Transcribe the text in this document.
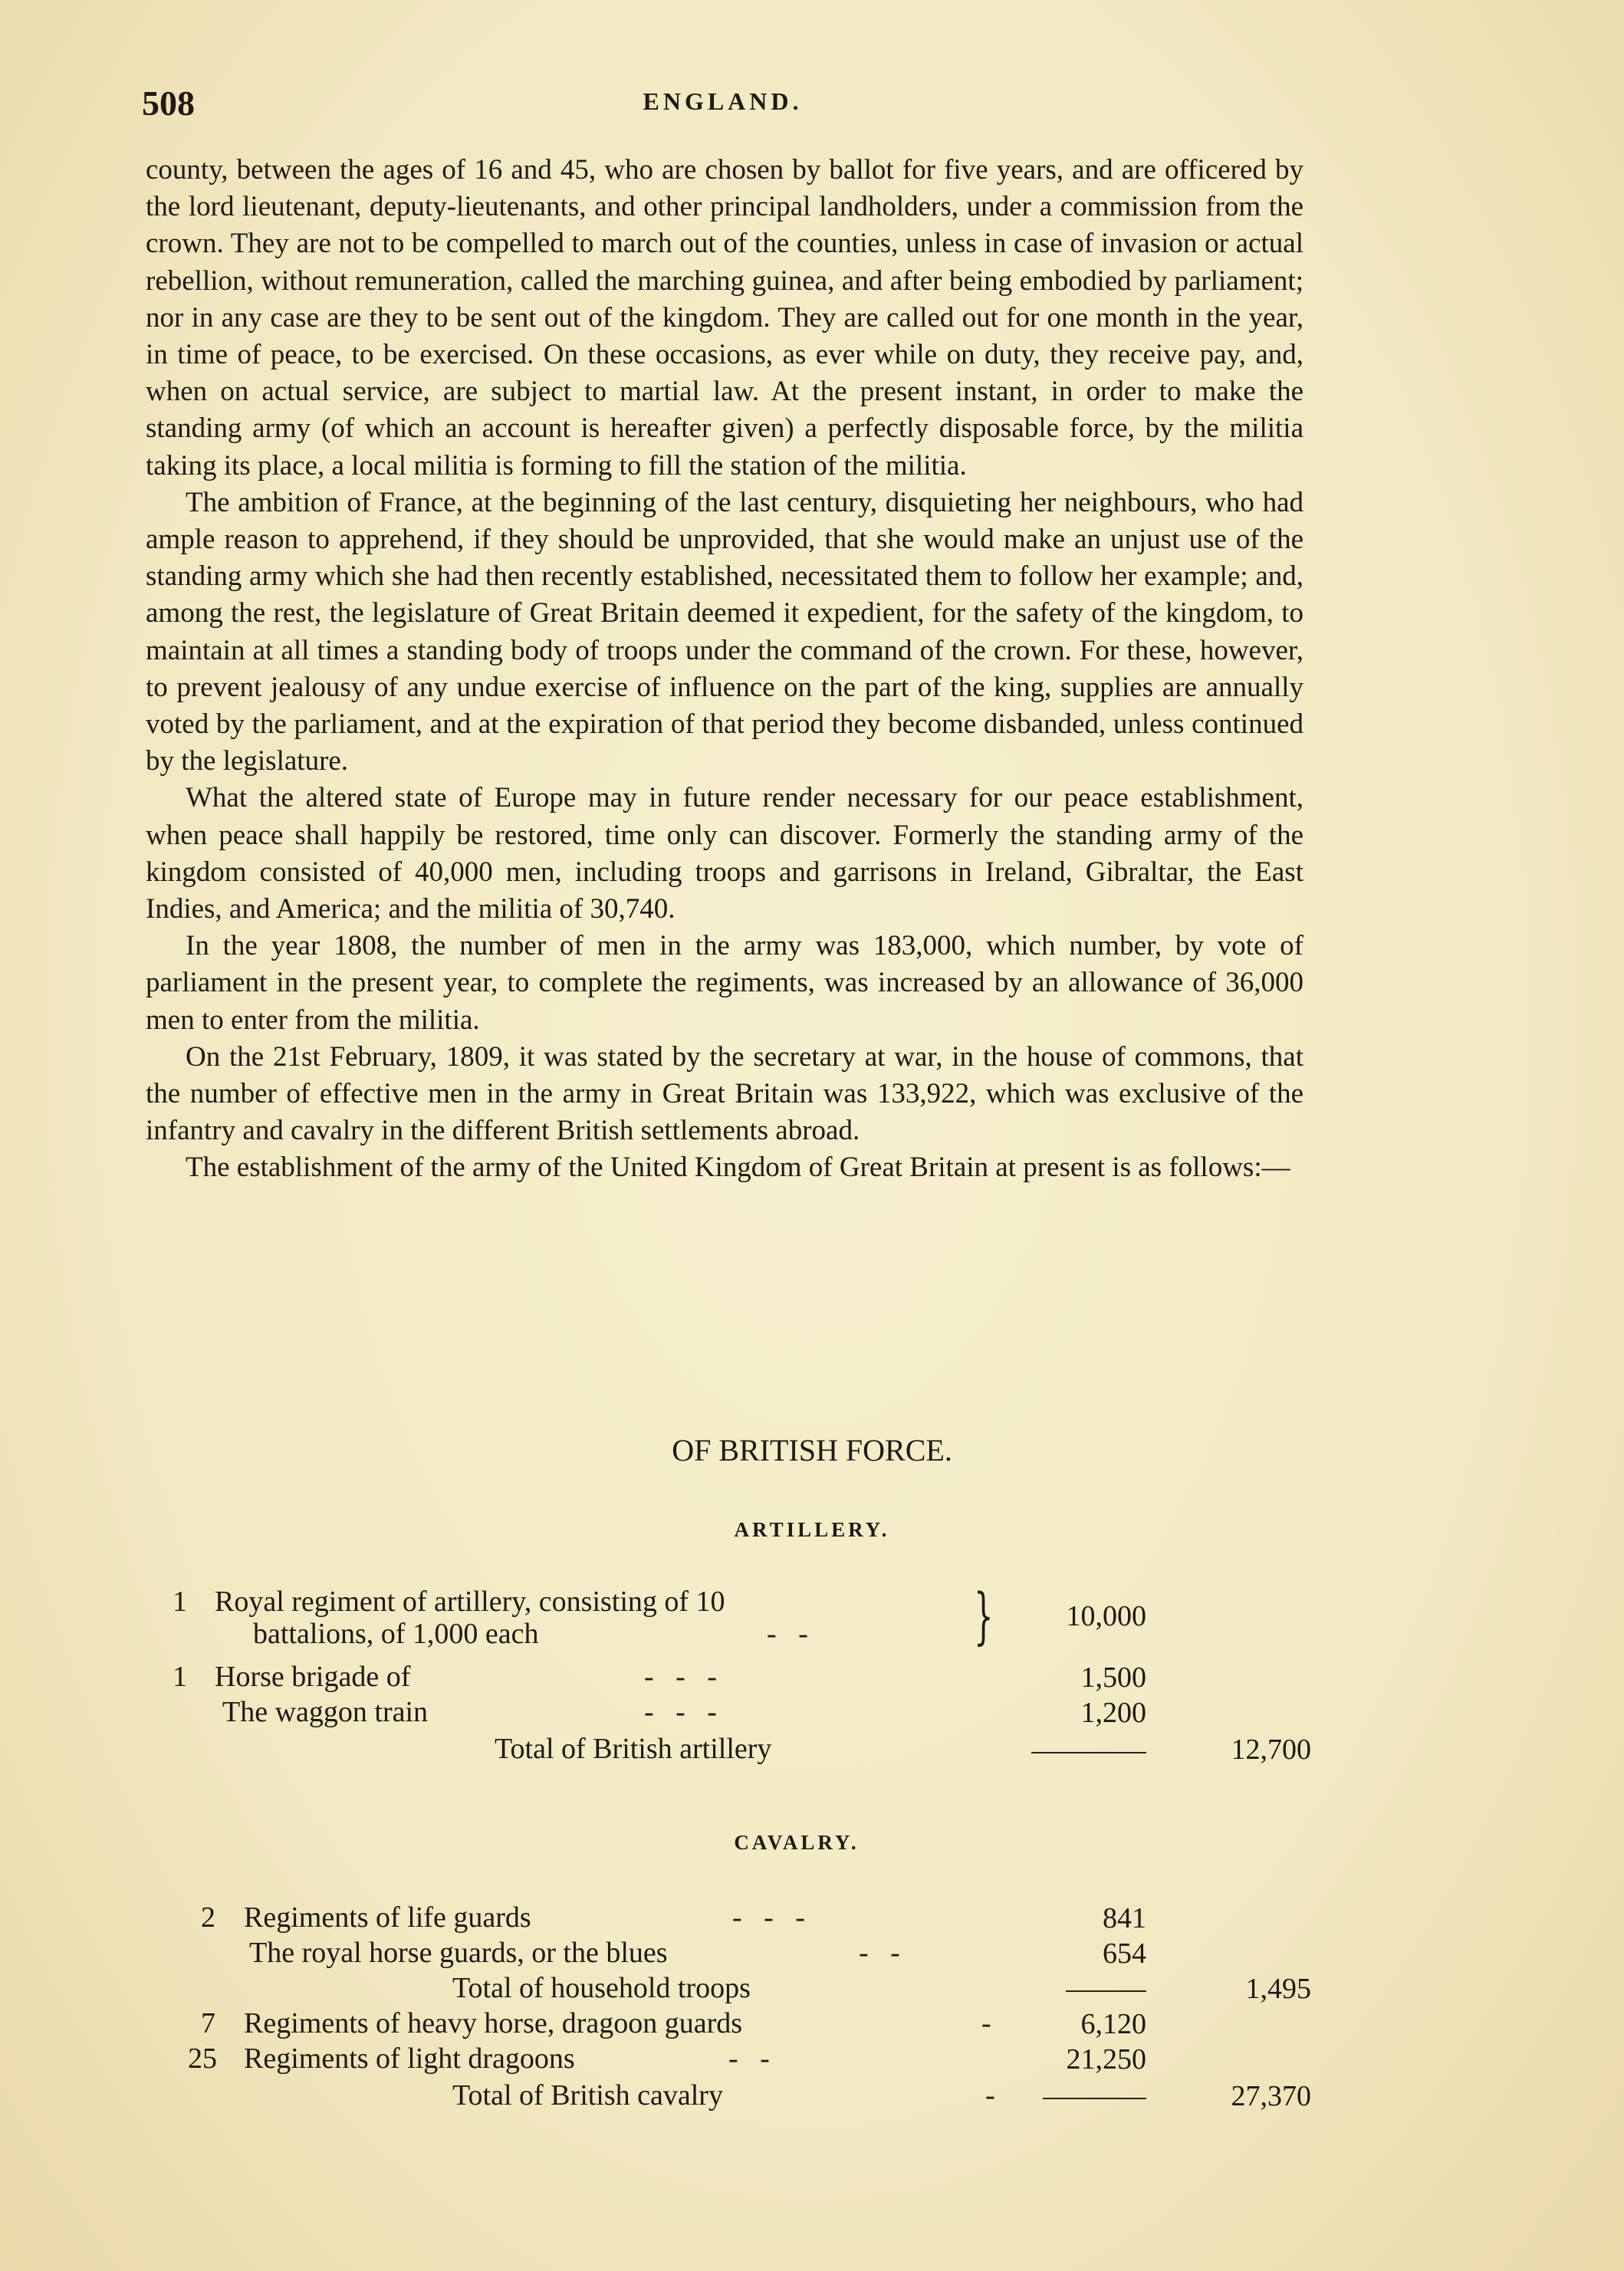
508	ENGLAND.

county, between the ages of 16 and 45, who are chosen by ballot for five years, and are officered by the lord lieutenant, deputy-lieutenants, and other principal landholders, under a commission from the crown. They are not to be compelled to march out of the counties, unless in case of invasion or actual rebellion, without remuneration, called the marching guinea, and after being embodied by parliament; nor in any case are they to be sent out of the kingdom. They are called out for one month in the year, in time of peace, to be exercised. On these occasions, as ever while on duty, they receive pay, and, when on actual service, are subject to martial law. At the present instant, in order to make the standing army (of which an account is hereafter given) a perfectly disposable force, by the militia taking its place, a local militia is forming to fill the station of the militia.

The ambition of France, at the beginning of the last century, disquieting her neighbours, who had ample reason to apprehend, if they should be unprovided, that she would make an unjust use of the standing army which she had then recently established, necessitated them to follow her example; and, among the rest, the legislature of Great Britain deemed it expedient, for the safety of the kingdom, to maintain at all times a standing body of troops under the command of the crown. For these, however, to prevent jealousy of any undue exercise of influence on the part of the king, supplies are annually voted by the parliament, and at the expiration of that period they become disbanded, unless continued by the legislature.

What the altered state of Europe may in future render necessary for our peace establishment, when peace shall happily be restored, time only can discover. Formerly the standing army of the kingdom consisted of 40,000 men, including troops and garrisons in Ireland, Gibraltar, the East Indies, and America; and the militia of 30,740.

In the year 1808, the number of men in the army was 183,000, which number, by vote of parliament in the present year, to complete the regiments, was increased by an allowance of 36,000 men to enter from the militia.

On the 21st February, 1809, it was stated by the secretary at war, in the house of commons, that the number of effective men in the army in Great Britain was 133,922, which was exclusive of the infantry and cavalry in the different British settlements abroad.

The establishment of the army of the United Kingdom of Great Britain at present is as follows:—

OF BRITISH FORCE.
ARTILLERY.
1 Royal regiment of artillery, consisting of 10
battalions, of 1,000 each	-   -	}	10,000
1 Horse brigade of	-   -   -	1,500
The waggon train	-   -   -	1,200
Total of British artillery	12,700
CAVALRY.
2 Regiments of life guards	-   -   -	841
The royal horse guards, or the blues	-   -	654
Total of household troops	1,495
7 Regiments of heavy horse, dragoon guards	-	6,120
25 Regiments of light dragoons	-   -	21,250
Total of British cavalry	-	27,370
